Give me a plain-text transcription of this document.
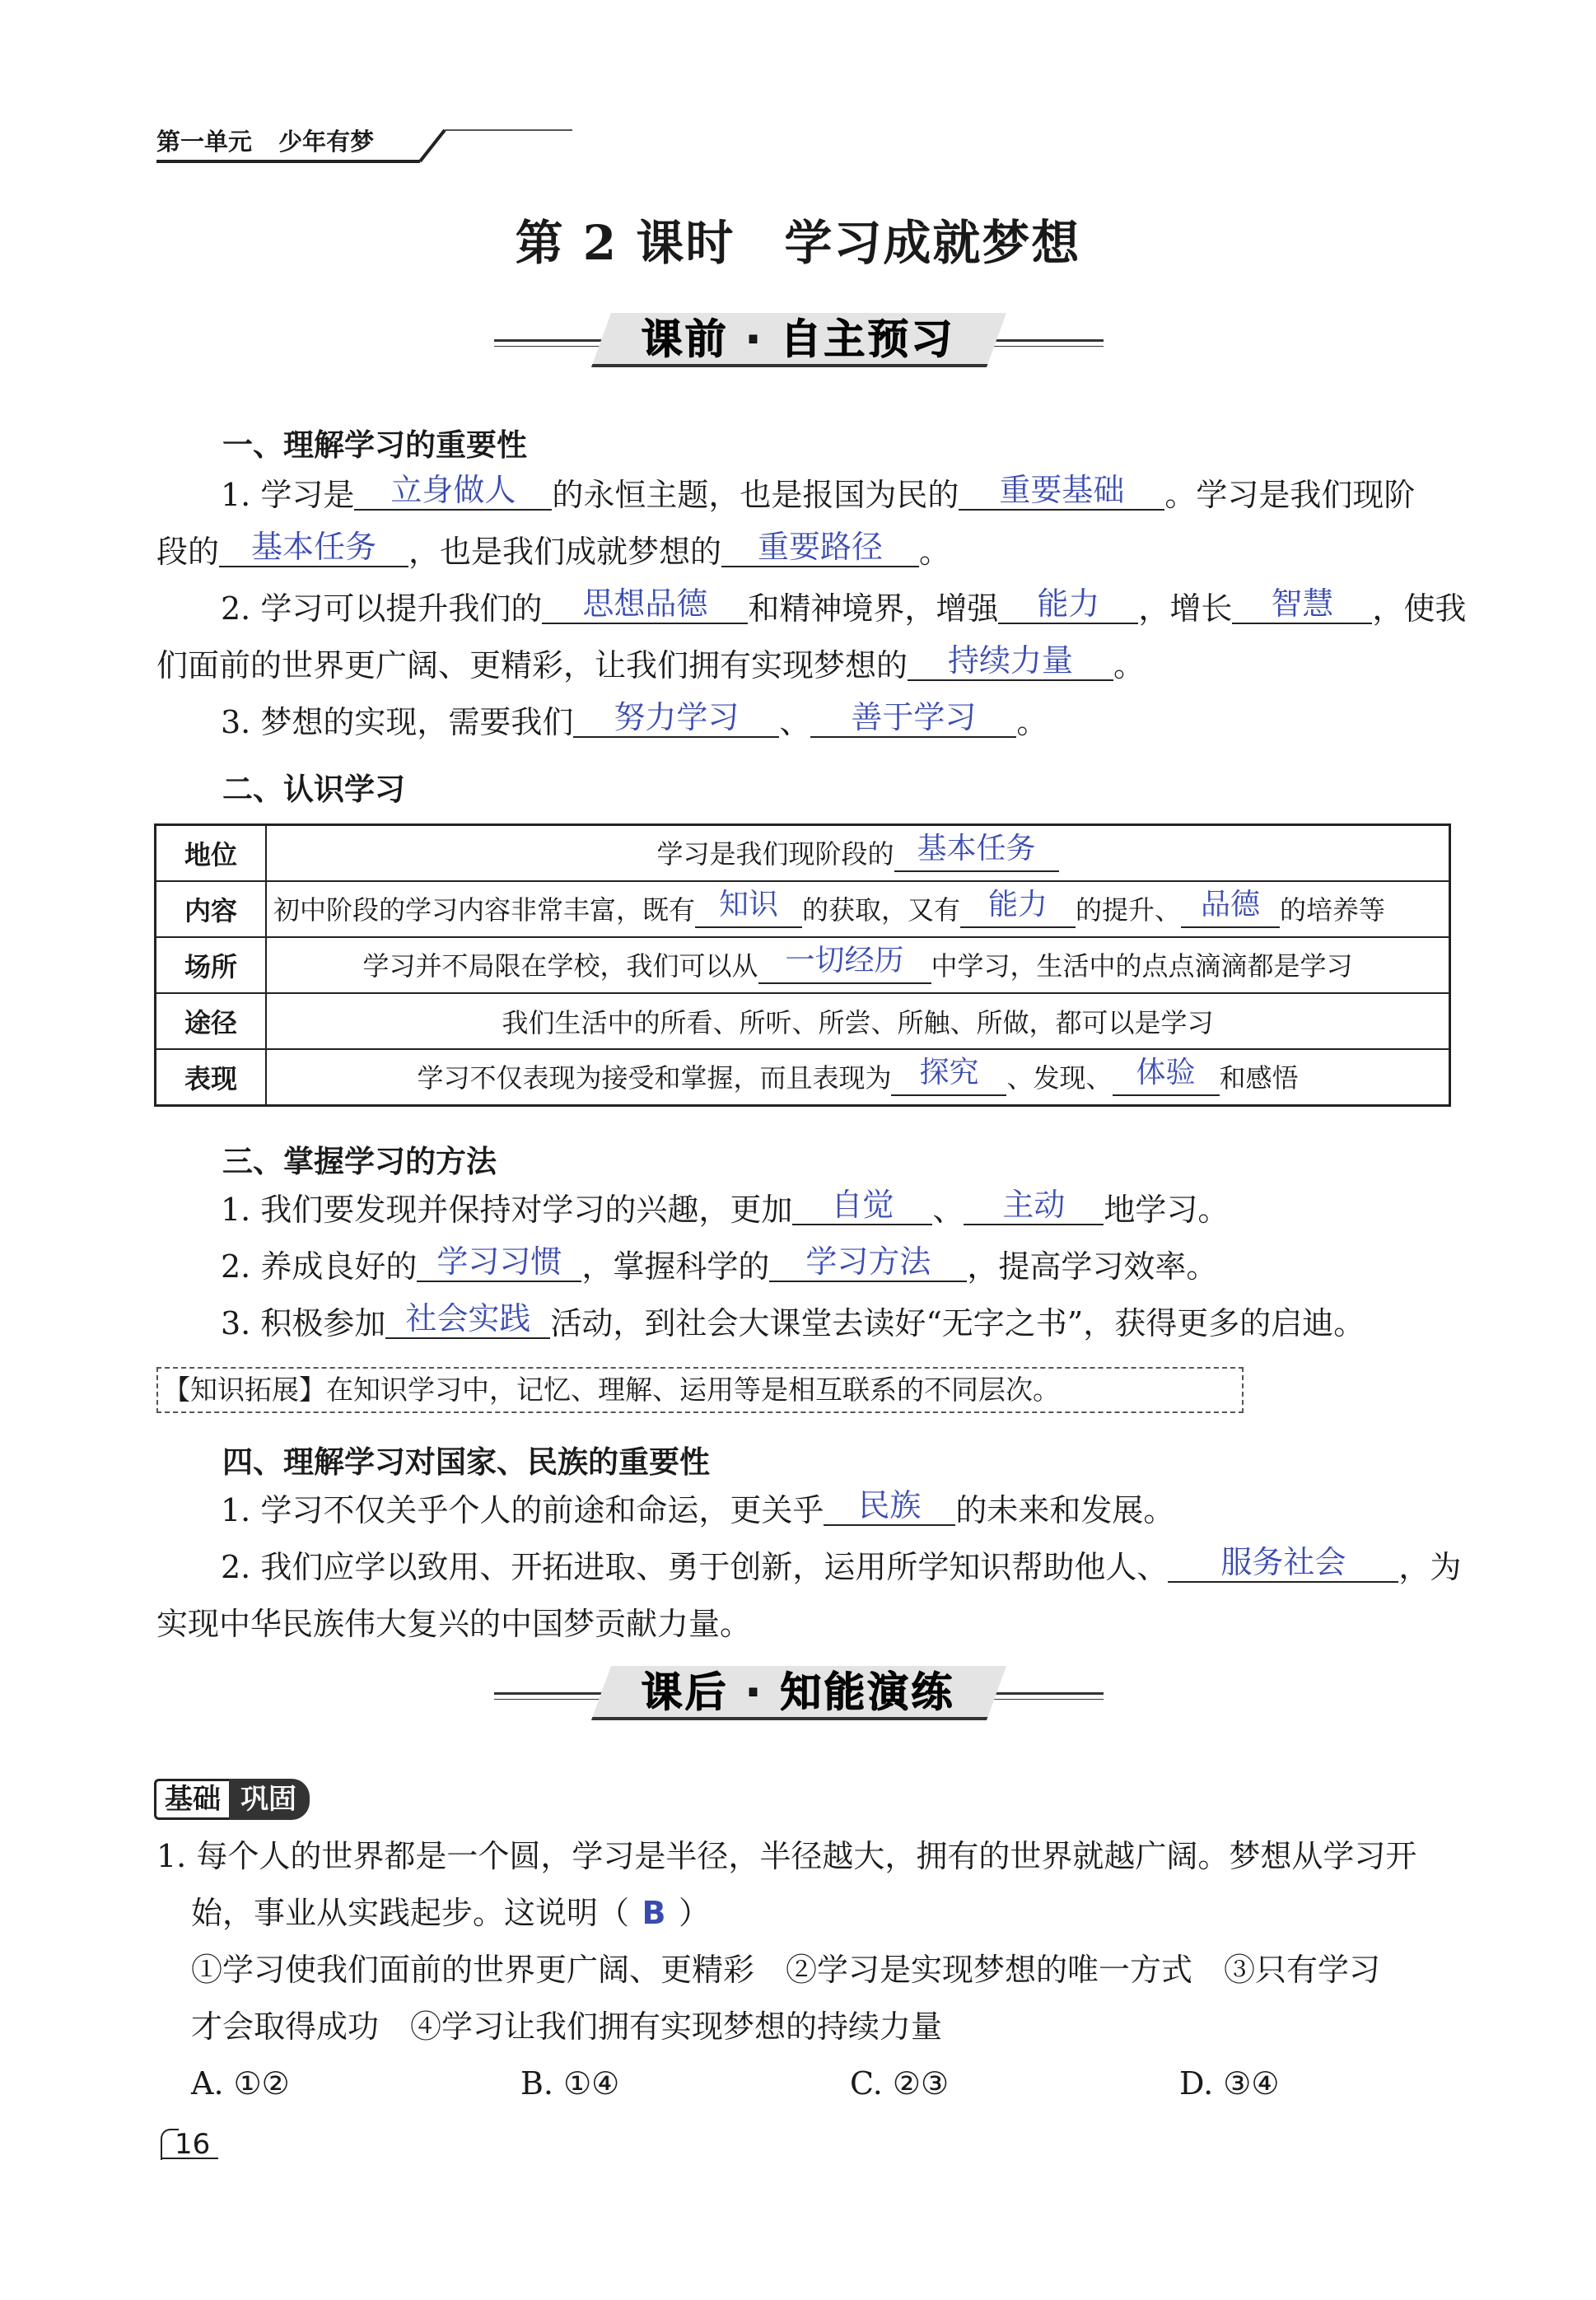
第一单元 少年有梦
第 2 课时 学习成就梦想
课前 · 自主预习
一、理解学习的重要性
1. 学习是 立身做人 的永恒主题，也是报国为民的 重要基础 。学习是我们现阶
段的 基本任务 ，也是我们成就梦想的 重要路径 。
2. 学习可以提升我们的 思想品德 和精神境界，增强 能力 ，增长 智慧 ，使我
们面前的世界更广阔、更精彩，让我们拥有实现梦想的 持续力量 。
3. 梦想的实现，需要我们 努力学习 、 善于学习 。
二、认识学习
地位	学习是我们现阶段的 基本任务
内容	初中阶段的学习内容非常丰富，既有 知识 的获取，又有 能力 的提升、 品德 的培养等
场所	学习并不局限在学校，我们可以从 一切经历 中学习，生活中的点点滴滴都是学习
途径	我们生活中的所看、所听、所尝、所触、所做，都可以是学习
表现	学习不仅表现为接受和掌握，而且表现为 探究 、发现、 体验 和感悟
三、掌握学习的方法
1. 我们要发现并保持对学习的兴趣，更加 自觉 、 主动 地学习。
2. 养成良好的 学习习惯 ，掌握科学的 学习方法 ，提高学习效率。
3. 积极参加 社会实践 活动，到社会大课堂去读好“无字之书”，获得更多的启迪。
【知识拓展】在知识学习中，记忆、理解、运用等是相互联系的不同层次。
四、理解学习对国家、民族的重要性
1. 学习不仅关乎个人的前途和命运，更关乎 民族 的未来和发展。
2. 我们应学以致用、开拓进取、勇于创新，运用所学知识帮助他人、 服务社会 ，为
实现中华民族伟大复兴的中国梦贡献力量。
课后 · 知能演练
基础 巩固
1. 每个人的世界都是一个圆，学习是半径，半径越大，拥有的世界就越广阔。梦想从学习开
始，事业从实践起步。这说明（ B ）
①学习使我们面前的世界更广阔、更精彩　②学习是实现梦想的唯一方式　③只有学习
才会取得成功　④学习让我们拥有实现梦想的持续力量
A. ①②	B. ①④	C. ②③	D. ③④
16
